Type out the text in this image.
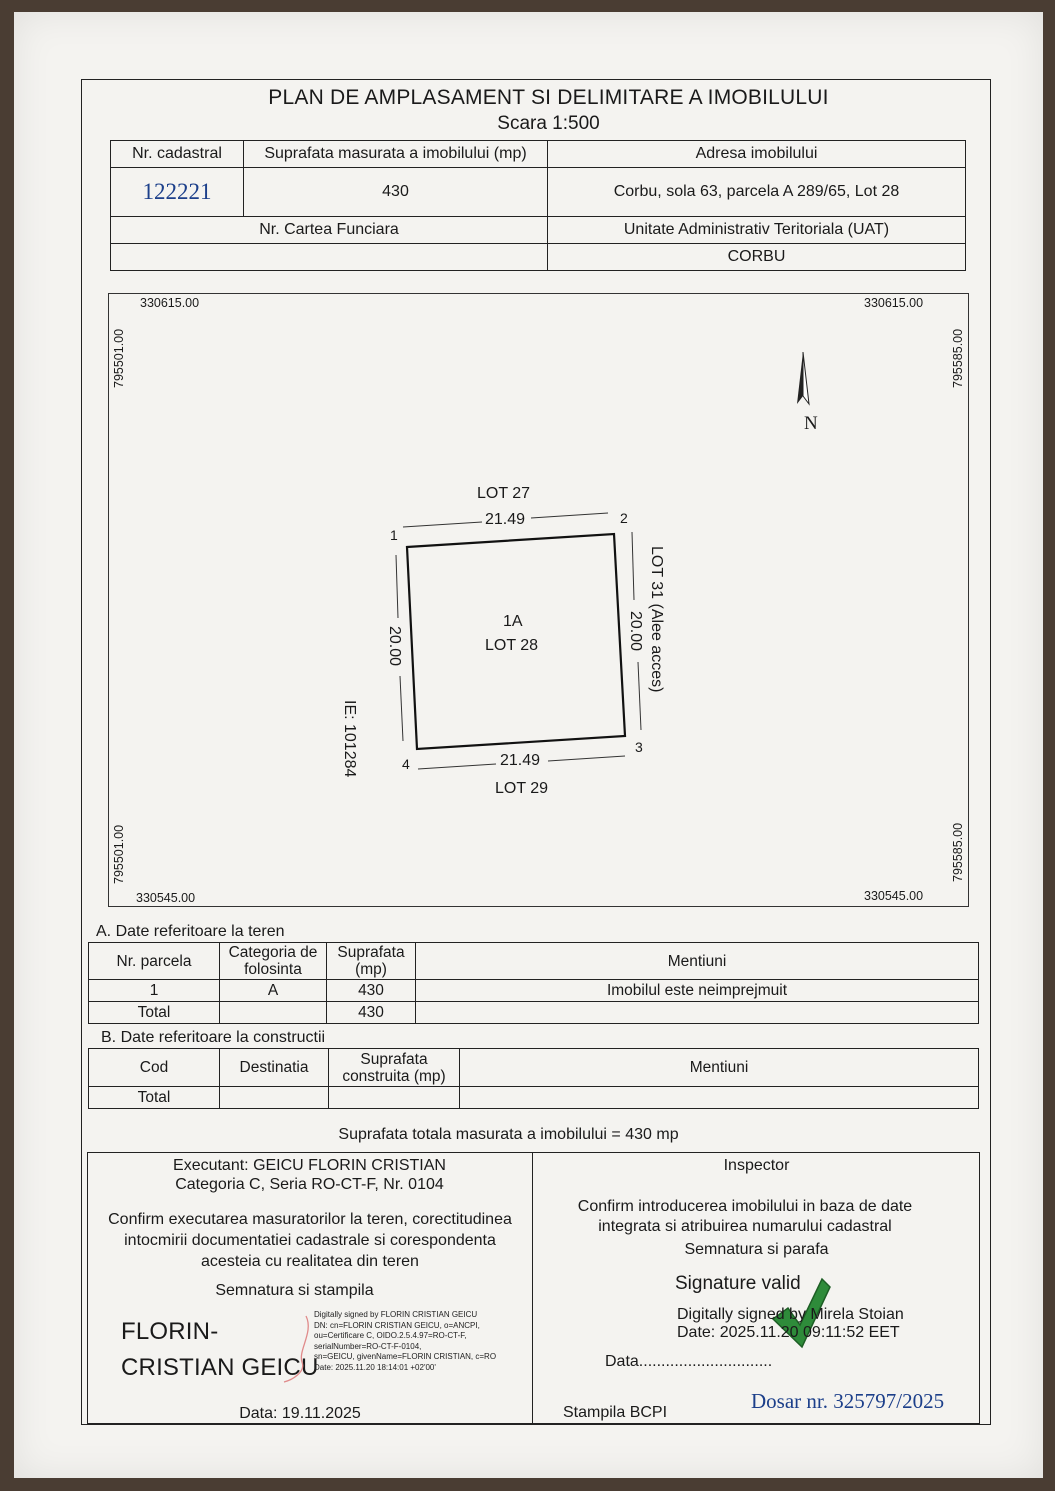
PLAN DE AMPLASAMENT SI DELIMITARE A IMOBILULUI
Scara 1:500
Nr. cadastral	Suprafata masurata a imobilului (mp)	Adresa imobilului
122221	430	Corbu, sola 63, parcela A 289/65, Lot 28
Nr. Cartea Funciara		Unitate Administrativ Teritoriala (UAT)
		CORBU
330615.00	330615.00
330545.00	330545.00
795501.00
795501.00
795585.00
795585.00
N
LOT 27
LOT 29
LOT 31 (Alee acces)
IE: 101284
1A
LOT 28
21.49
21.49
20.00	20.00
1
2
3
4
A. Date referitoare la teren
Nr. parcela	Categoria de folosinta	Suprafata (mp)	Mentiuni
1	A	430	Imobilul este neimprejmuit
Total		430	
B. Date referitoare la constructii
Cod	Destinatia	Suprafata construita (mp)	Mentiuni
Total			
Suprafata totala masurata a imobilului = 430 mp
Executant: GEICU FLORIN CRISTIAN
Categoria C, Seria RO-CT-F, Nr. 0104
Confirm executarea masuratorilor la teren, corectitudinea intocmirii documentatiei cadastrale si corespondenta acesteia cu realitatea din teren
Semnatura si stampila
FLORIN-
CRISTIAN GEICU
Digitally signed by FLORIN CRISTIAN GEICU
DN: cn=FLORIN CRISTIAN GEICU, o=ANCPI,
ou=Certificare C, OIDO.2.5.4.97=RO-CT-F,
serialNumber=RO-CT-F-0104,
sn=GEICU, givenName=FLORIN CRISTIAN, c=RO
Date: 2025.11.20 18:14:01 +02'00'
Data: 19.11.2025
Inspector
Confirm introducerea imobilului in baza de date integrata si atribuirea numarului cadastral
Semnatura si parafa
Signature valid
Digitally signed by Mirela Stoian
Date: 2025.11.20 09:11:52 EET
Data..............................
Stampila BCPI	Dosar nr. 325797/2025
